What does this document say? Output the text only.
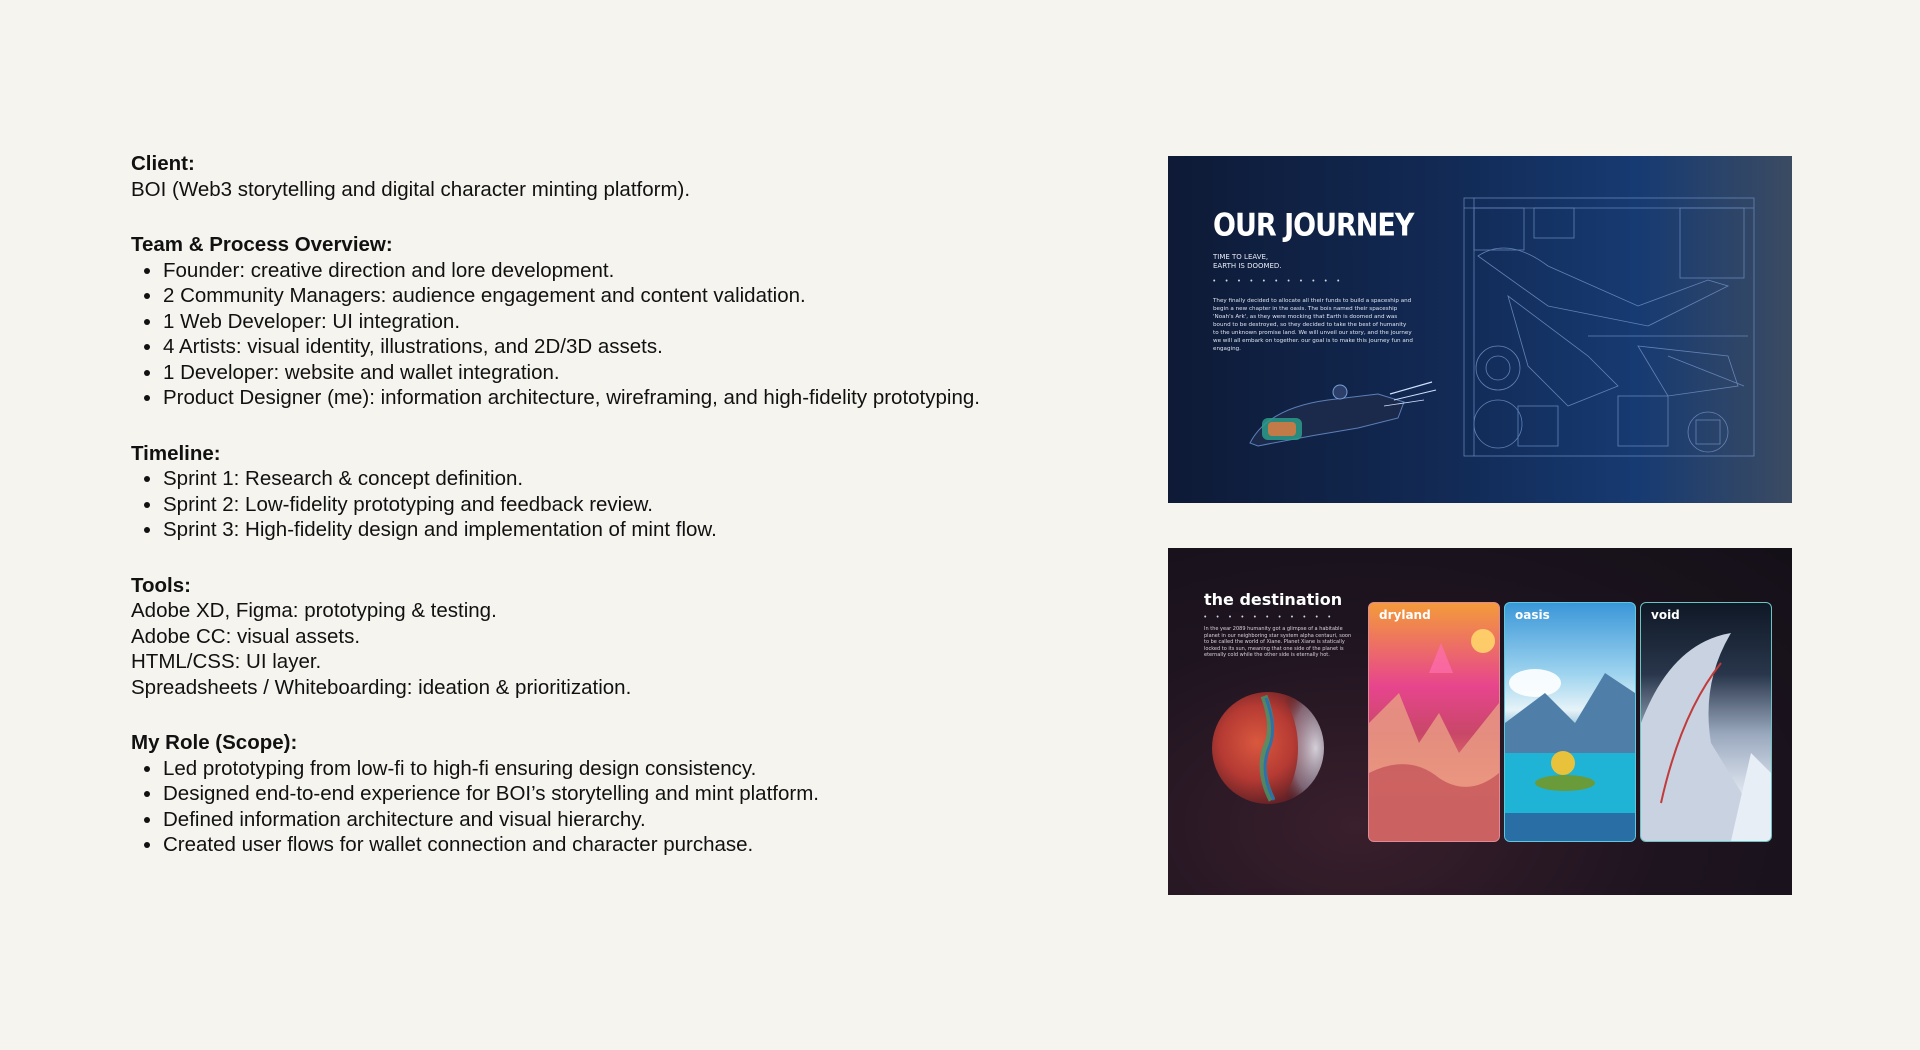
Client:
BOI (Web3 storytelling and digital character minting platform).
Team & Process Overview:
• Founder: creative direction and lore development.
• 2 Community Managers: audience engagement and content validation.
• 1 Web Developer: UI integration.
• 4 Artists: visual identity, illustrations, and 2D/3D assets.
• 1 Developer: website and wallet integration.
• Product Designer (me): information architecture, wireframing, and high-fidelity prototyping.
Timeline:
• Sprint 1: Research & concept definition.
• Sprint 2: Low-fidelity prototyping and feedback review.
• Sprint 3: High-fidelity design and implementation of mint flow.
Tools:
Adobe XD, Figma: prototyping & testing.
Adobe CC: visual assets.
HTML/CSS: UI layer.
Spreadsheets / Whiteboarding: ideation & prioritization.
My Role (Scope):
• Led prototyping from low-fi to high-fi ensuring design consistency.
• Designed end-to-end experience for BOI’s storytelling and mint platform.
• Defined information architecture and visual hierarchy.
• Created user flows for wallet connection and character purchase.
OUR JOURNEY
TIME TO LEAVE,
EARTH IS DOOMED.
• • • • • • • • • • •
They finally decided to allocate all their funds to build a spaceship and begin a new chapter in the oasis. The bois named their spaceship 'Noah's Ark', as they were mocking that Earth is doomed and was bound to be destroyed, so they decided to take the best of humanity to the unknown promise land. We will unveil our story, and the journey we will all embark on together. our goal is to make this journey fun and engaging.
the destination
• • • • • • • • • • •
In the year 2089 humanity got a glimpse of a habitable planet in our neighboring star system alpha centauri, soon to be called the world of Xiane. Planet Xiane is statically locked to its sun, meaning that one side of the planet is eternally cold while the other side is eternally hot.
dryland	oasis	void
